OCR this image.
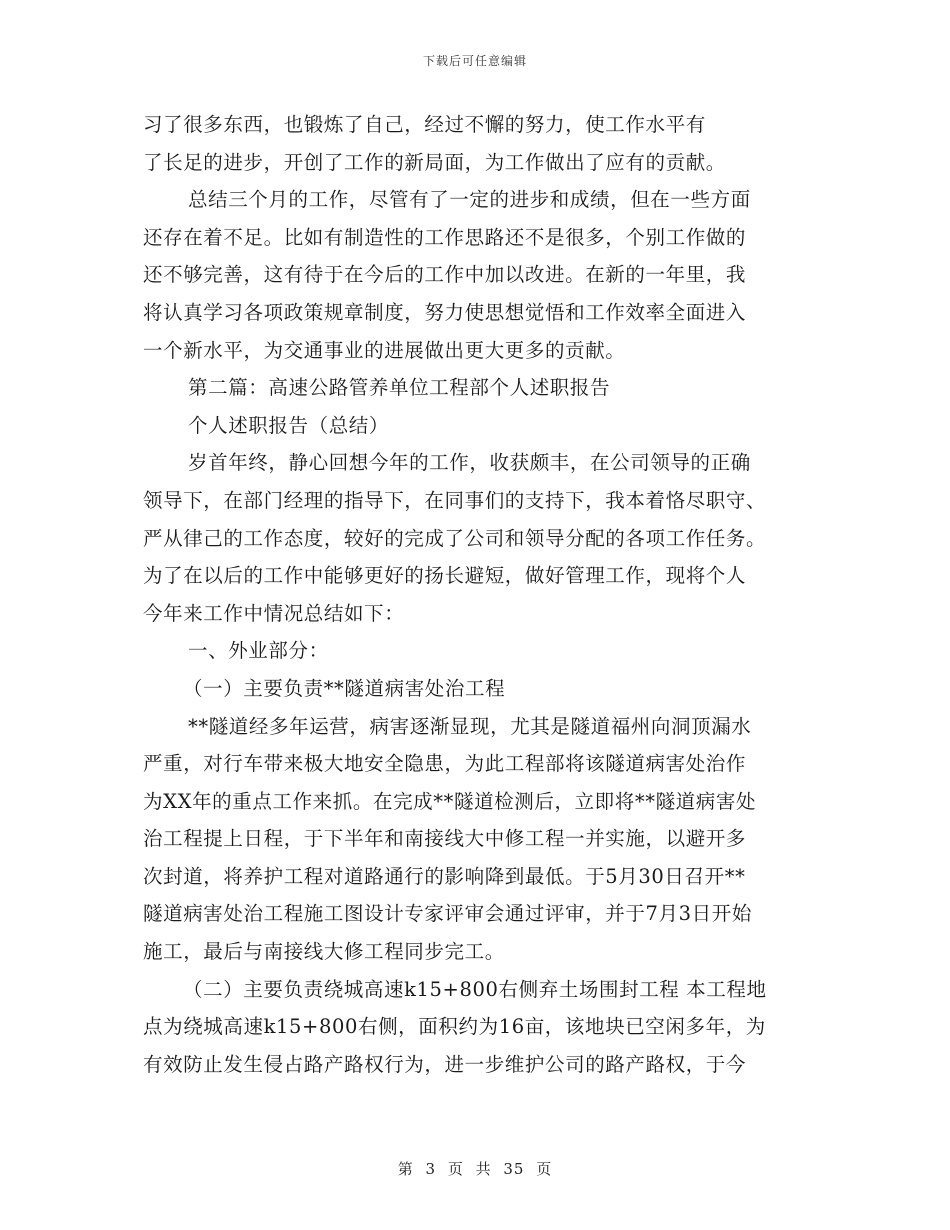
下载后可任意编辑
习了很多东西，也锻炼了自己，经过不懈的努力，使工作水平有
了长足的进步，开创了工作的新局面，为工作做出了应有的贡献。
总结三个月的工作，尽管有了一定的进步和成绩，但在一些方面
还存在着不足。比如有制造性的工作思路还不是很多，个别工作做的
还不够完善，这有待于在今后的工作中加以改进。在新的一年里，我
将认真学习各项政策规章制度，努力使思想觉悟和工作效率全面进入
一个新水平，为交通事业的进展做出更大更多的贡献。
第二篇：高速公路管养单位工程部个人述职报告
个人述职报告（总结）
岁首年终，静心回想今年的工作，收获颇丰，在公司领导的正确
领导下，在部门经理的指导下，在同事们的支持下，我本着恪尽职守、
严从律己的工作态度，较好的完成了公司和领导分配的各项工作任务。
为了在以后的工作中能够更好的扬长避短，做好管理工作，现将个人
今年来工作中情况总结如下：
一、外业部分：
（一）主要负责**隧道病害处治工程
**隧道经多年运营，病害逐渐显现，尤其是隧道福州向洞顶漏水
严重，对行车带来极大地安全隐患，为此工程部将该隧道病害处治作
为XX年的重点工作来抓。在完成**隧道检测后，立即将**隧道病害处
治工程提上日程，于下半年和南接线大中修工程一并实施，以避开多
次封道，将养护工程对道路通行的影响降到最低。于5月30日召开**
隧道病害处治工程施工图设计专家评审会通过评审，并于7月3日开始
施工，最后与南接线大修工程同步完工。
（二）主要负责绕城高速k15+800右侧弃土场围封工程 本工程地
点为绕城高速k15+800右侧，面积约为16亩，该地块已空闲多年，为
有效防止发生侵占路产路权行为，进一步维护公司的路产路权，于今
第 3 页 共 35 页
